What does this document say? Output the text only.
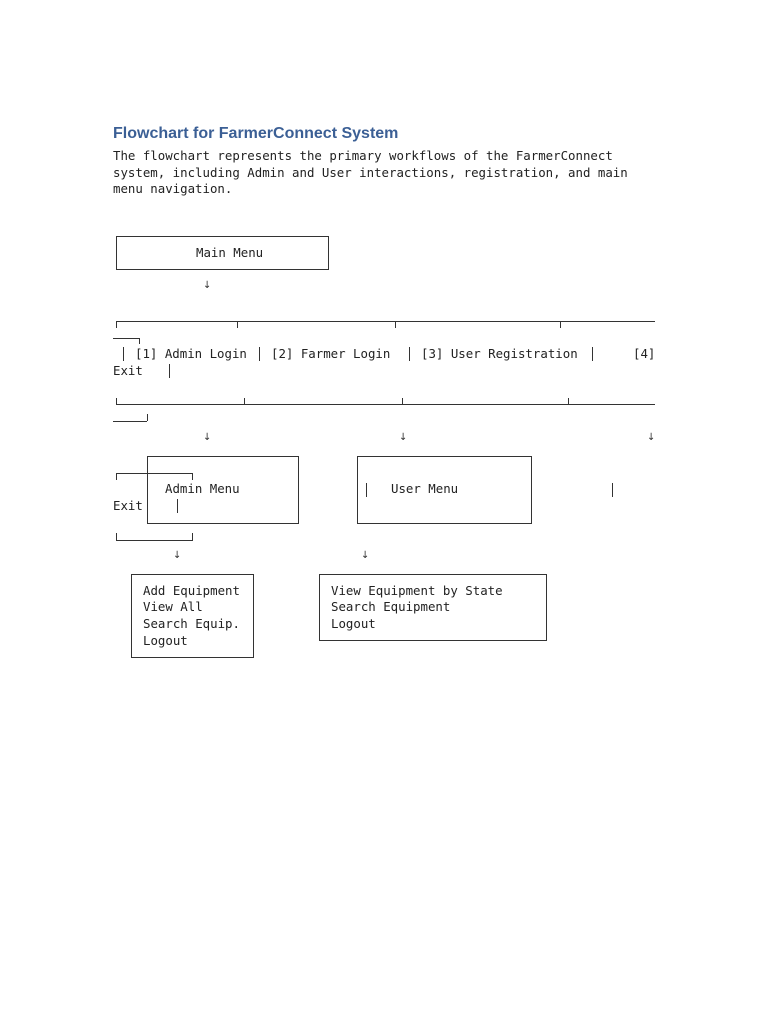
Flowchart for FarmerConnect System
The flowchart represents the primary workflows of the FarmerConnect
system, including Admin and User interactions, registration, and main
menu navigation.
Main Menu
↓
[1] Admin Login [2] Farmer Login [3] User Registration	[4]
Exit
↓	↓	↓
Admin Menu	User Menu
Exit
↓	↓
Add Equipment
View All
Search Equip.
Logout
View Equipment by State
Search Equipment
Logout
